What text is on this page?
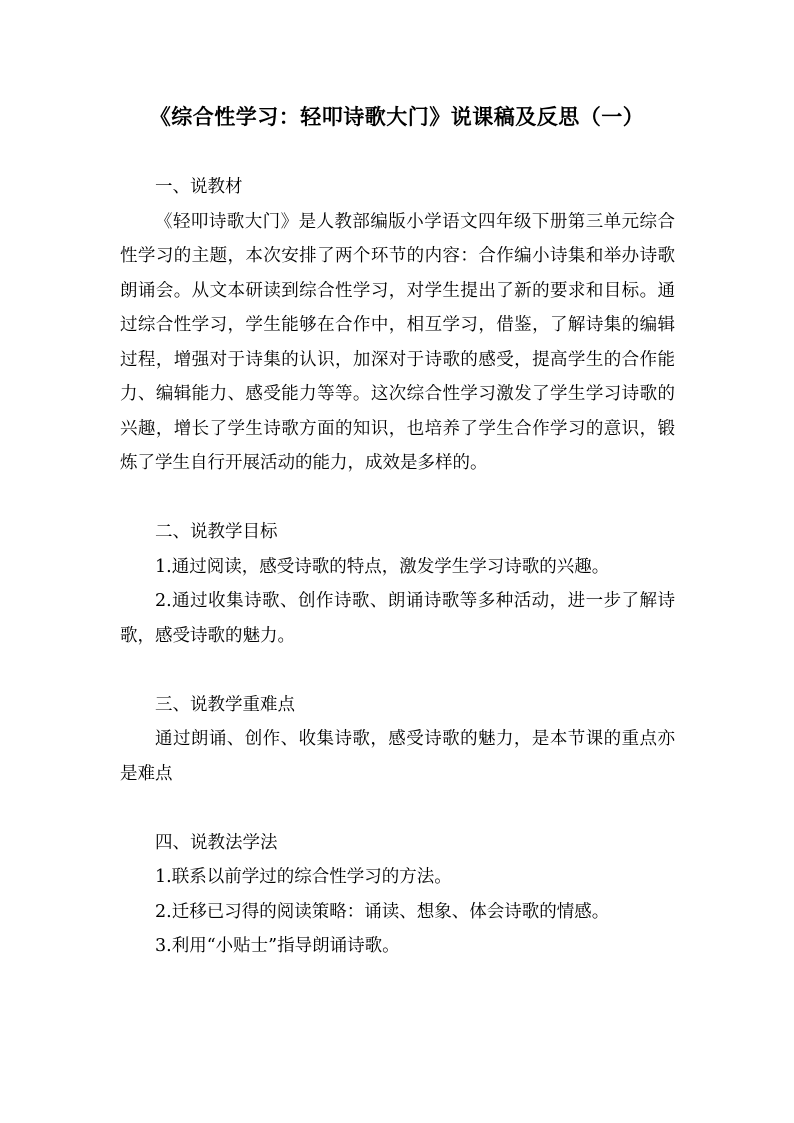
《综合性学习：轻叩诗歌大门》说课稿及反思（一）

一、说教材

《轻叩诗歌大门》是人教部编版小学语文四年级下册第三单元综合性学习的主题，本次安排了两个环节的内容：合作编小诗集和举办诗歌朗诵会。从文本研读到综合性学习，对学生提出了新的要求和目标。通过综合性学习，学生能够在合作中，相互学习，借鉴，了解诗集的编辑过程，增强对于诗集的认识，加深对于诗歌的感受，提高学生的合作能力、编辑能力、感受能力等等。这次综合性学习激发了学生学习诗歌的兴趣，增长了学生诗歌方面的知识，也培养了学生合作学习的意识，锻炼了学生自行开展活动的能力，成效是多样的。

二、说教学目标

1.通过阅读，感受诗歌的特点，激发学生学习诗歌的兴趣。

2.通过收集诗歌、创作诗歌、朗诵诗歌等多种活动，进一步了解诗歌，感受诗歌的魅力。

三、说教学重难点

通过朗诵、创作、收集诗歌，感受诗歌的魅力，是本节课的重点亦是难点

四、说教法学法

1.联系以前学过的综合性学习的方法。

2.迁移已习得的阅读策略：诵读、想象、体会诗歌的情感。

3.利用“小贴士”指导朗诵诗歌。
